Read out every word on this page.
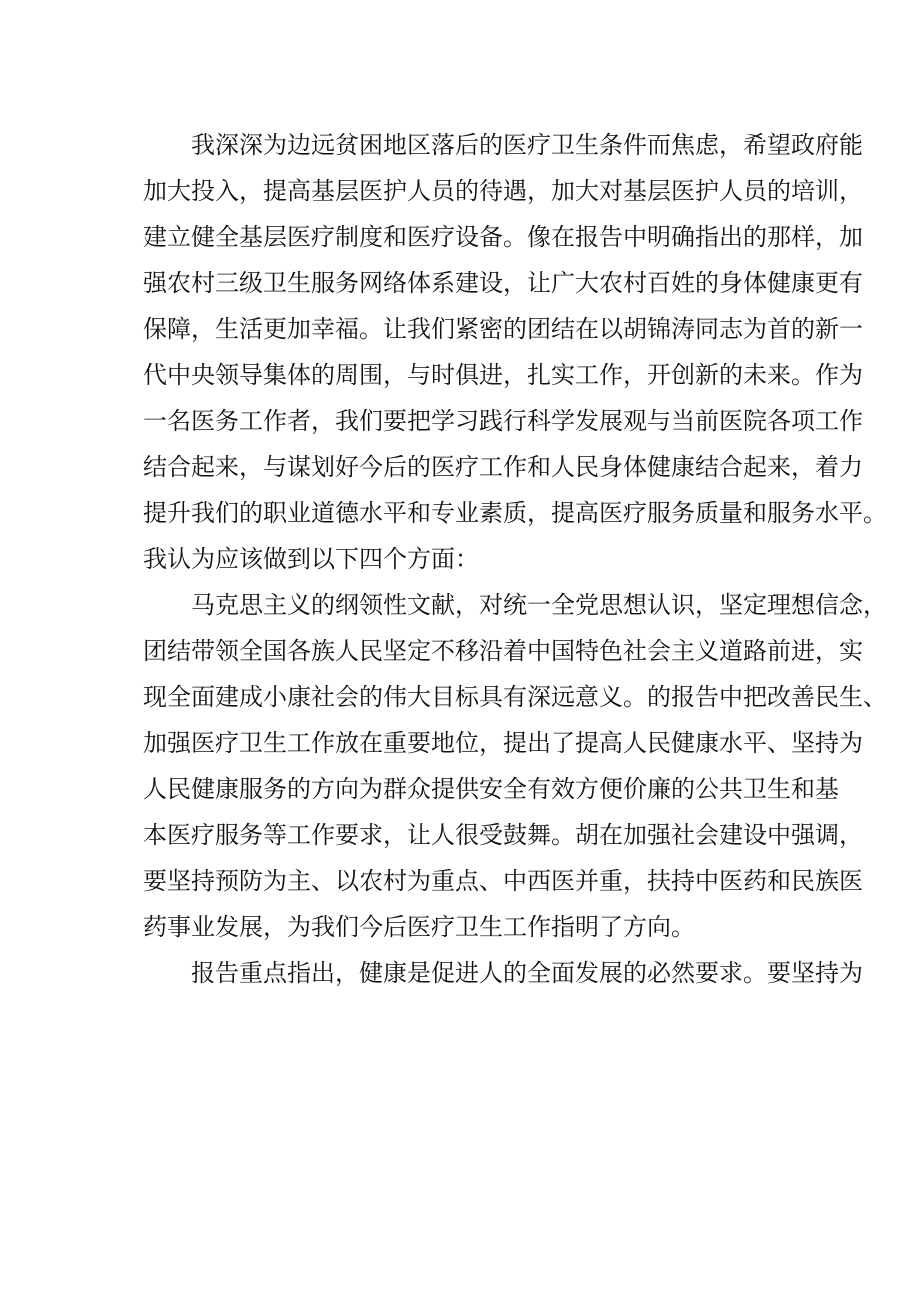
我深深为边远贫困地区落后的医疗卫生条件而焦虑，希望政府能
加大投入，提高基层医护人员的待遇，加大对基层医护人员的培训，
建立健全基层医疗制度和医疗设备。像在报告中明确指出的那样，加
强农村三级卫生服务网络体系建设，让广大农村百姓的身体健康更有
保障，生活更加幸福。让我们紧密的团结在以胡锦涛同志为首的新一
代中央领导集体的周围，与时俱进，扎实工作，开创新的未来。作为
一名医务工作者，我们要把学习践行科学发展观与当前医院各项工作
结合起来，与谋划好今后的医疗工作和人民身体健康结合起来，着力
提升我们的职业道德水平和专业素质，提高医疗服务质量和服务水平。
我认为应该做到以下四个方面：

马克思主义的纲领性文献，对统一全党思想认识，坚定理想信念，
团结带领全国各族人民坚定不移沿着中国特色社会主义道路前进，实
现全面建成小康社会的伟大目标具有深远意义。的报告中把改善民生、
加强医疗卫生工作放在重要地位，提出了提高人民健康水平、坚持为
人民健康服务的方向为群众提供安全有效方便价廉的公共卫生和基
本医疗服务等工作要求，让人很受鼓舞。胡在加强社会建设中强调，
要坚持预防为主、以农村为重点、中西医并重，扶持中医药和民族医
药事业发展，为我们今后医疗卫生工作指明了方向。

报告重点指出，健康是促进人的全面发展的必然要求。要坚持为
